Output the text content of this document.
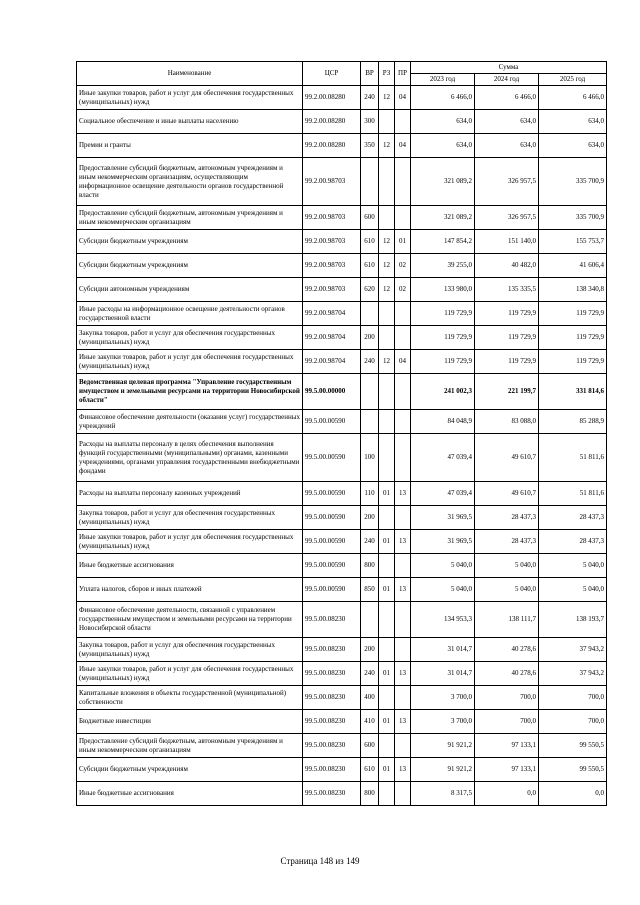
Наименование	ЦСР	ВР	РЗ	ПР	Сумма		
					2023 год	2024 год	2025 год
Иные закупки товаров, работ и услуг для обеспечения государственных (муниципальных) нужд	99.2.00.08280	240	12	04	6 466,0	6 466,0	6 466,0
Социальное обеспечение и иные выплаты населению	99.2.00.08280	300			634,0	634,0	634,0
Премии и гранты	99.2.00.08280	350	12	04	634,0	634,0	634,0
Предоставление субсидий бюджетным, автономным учреждениям и иным некоммерческим организациям, осуществляющим информационное освещение деятельности органов государственной власти	99.2.00.98703				321 089,2	326 957,5	335 700,9
Предоставление субсидий бюджетным, автономным учреждениям и иным некоммерческим организациям	99.2.00.98703	600			321 089,2	326 957,5	335 700,9
Субсидии бюджетным учреждениям	99.2.00.98703	610	12	01	147 854,2	151 140,0	155 753,7
Субсидии бюджетным учреждениям	99.2.00.98703	610	12	02	39 255,0	40 482,0	41 606,4
Субсидии автономным учреждениям	99.2.00.98703	620	12	02	133 980,0	135 335,5	138 340,8
Иные расходы на информационное освещение деятельности органов государственной власти	99.2.00.98704				119 729,9	119 729,9	119 729,9
Закупка товаров, работ и услуг для обеспечения государственных (муниципальных) нужд	99.2.00.98704	200			119 729,9	119 729,9	119 729,9
Иные закупки товаров, работ и услуг для обеспечения государственных (муниципальных) нужд	99.2.00.98704	240	12	04	119 729,9	119 729,9	119 729,9
Ведомственная целевая программа "Управление государственным имуществом и земельными ресурсами на территории Новосибирской области"	99.5.00.00000				241 002,3	221 199,7	331 814,6
Финансовое обеспечение деятельности (оказания услуг) государственных учреждений	99.5.00.00590				84 048,9	83 088,0	85 288,9
Расходы на выплаты персоналу в целях обеспечения выполнения функций государственными (муниципальными) органами, казенными учреждениями, органами управления государственными внебюджетными фондами	99.5.00.00590	100			47 039,4	49 610,7	51 811,6
Расходы на выплаты персоналу казенных учреждений	99.5.00.00590	110	01	13	47 039,4	49 610,7	51 811,6
Закупка товаров, работ и услуг для обеспечения государственных (муниципальных) нужд	99.5.00.00590	200			31 969,5	28 437,3	28 437,3
Иные закупки товаров, работ и услуг для обеспечения государственных (муниципальных) нужд	99.5.00.00590	240	01	13	31 969,5	28 437,3	28 437,3
Иные бюджетные ассигнования	99.5.00.00590	800			5 040,0	5 040,0	5 040,0
Уплата налогов, сборов и иных платежей	99.5.00.00590	850	01	13	5 040,0	5 040,0	5 040,0
Финансовое обеспечение деятельности, связанной с управлением государственным имуществом и земельными ресурсами на территории Новосибирской области	99.5.00.08230				134 953,3	138 111,7	138 193,7
Закупка товаров, работ и услуг для обеспечения государственных (муниципальных) нужд	99.5.00.08230	200			31 014,7	40 278,6	37 943,2
Иные закупки товаров, работ и услуг для обеспечения государственных (муниципальных) нужд	99.5.00.08230	240	01	13	31 014,7	40 278,6	37 943,2
Капитальные вложения в объекты государственной (муниципальной) собственности	99.5.00.08230	400			3 700,0	700,0	700,0
Бюджетные инвестиции	99.5.00.08230	410	01	13	3 700,0	700,0	700,0
Предоставление субсидий бюджетным, автономным учреждениям и иным некоммерческим организациям	99.5.00.08230	600			91 921,2	97 133,1	99 550,5
Субсидии бюджетным учреждениям	99.5.00.08230	610	01	13	91 921,2	97 133,1	99 550,5
Иные бюджетные ассигнования	99.5.00.08230	800			8 317,5	0,0	0,0
Страница 148 из 149
